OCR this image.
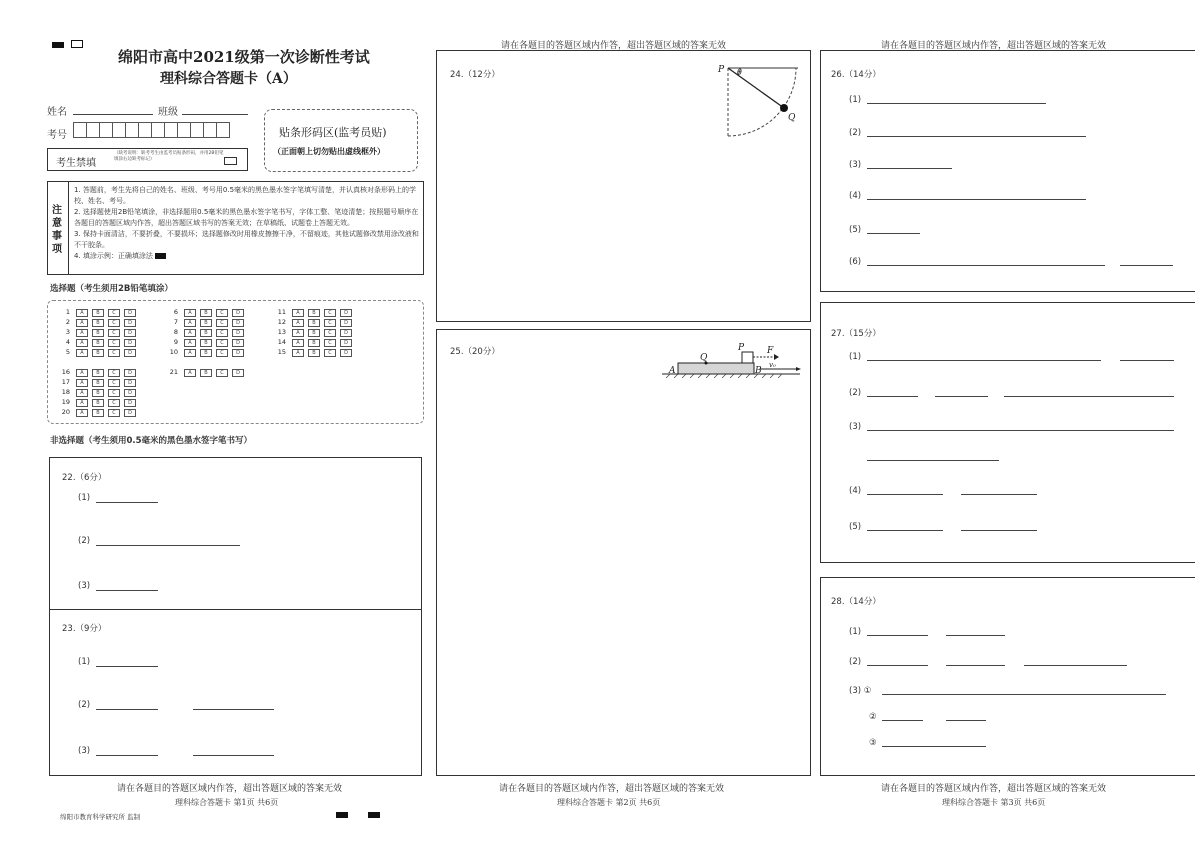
绵阳市高中2021级第一次诊断性考试
理科综合答题卡（A）
姓名	班级
考号
考生禁填
（缺考说明：缺考考生由监考员贴条形码，并用2B铅笔填涂右边缺考标记）
贴条形码区(监考员贴)
（正面朝上切勿贴出虚线框外）
注意事项
1. 答题前，考生先将自己的姓名、班级、考号用0.5毫米的黑色墨水签字笔填写清楚，并认真核对条形码上的学校、姓名、考号。
2. 选择题使用2B铅笔填涂，非选择题用0.5毫米的黑色墨水签字笔书写，字体工整、笔迹清楚；按照题号顺序在各题目的答题区域内作答，超出答题区域书写的答案无效；在草稿纸、试题卷上答题无效。
3. 保持卡面清洁，不要折叠，不要损坏；选择题修改时用橡皮擦擦干净，不留痕迹，其他试题修改禁用涂改液和不干胶条。
4. 填涂示例：正确填涂法
选择题（考生须用2B铅笔填涂）
1 A	B	C D
2 A	B	C D
3 A	B	C D
4 A	B	C D
5 A	B	C D
6 A	B	C D
7 A	B	C D
8 A	B	C D
9 A	B	C D
10 A	B	C D
11 A	B	C D
12 A	B	C D
13 A	B	C D
14 A	B	C D
15 A	B	C D
16 A	B	C D
17 A	B	C D
18 A	B	C D
19 A	B	C D
20 A	B	C D
21 A	B	C D
非选择题（考生须用0.5毫米的黑色墨水签字笔书写）
22.（6分）
(1)
(2)
(3)
23.（9分）
(1)
(2)
(3)
请在各题目的答题区域内作答，超出答题区域的答案无效
理科综合答题卡 第1页 共6页

绵阳市教育科学研究所 监制
请在各题目的答题区域内作答，超出答题区域的答案无效
24.（12分）	P θ
Q
25.（20分）
A
Q
P	F
B
v₀
请在各题目的答题区域内作答，超出答题区域的答案无效
理科综合答题卡 第2页 共6页
请在各题目的答题区域内作答，超出答题区域的答案无效
26.（14分）
(1)
(2)
(3)
(4)
(5)
(6)
27.（15分）
(1)
(2)
(3)
(4)
(5)
28.（14分）
(1)
(2)
(3) ①
②
③
请在各题目的答题区域内作答，超出答题区域的答案无效
理科综合答题卡 第3页 共6页
